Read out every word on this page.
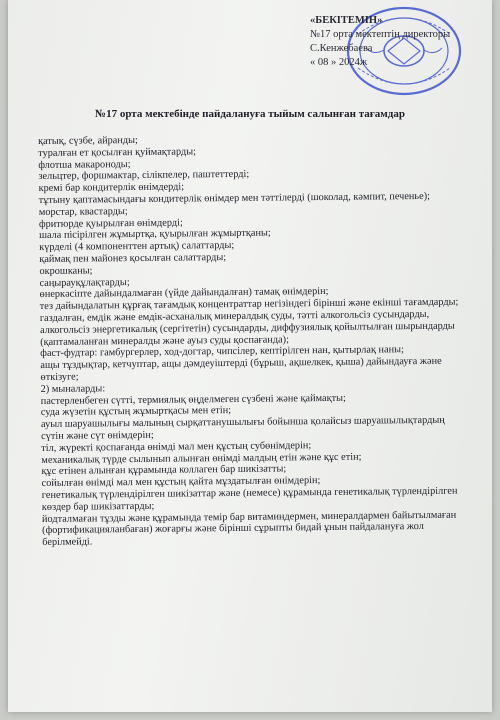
«БЕКІТЕМІН»
№17 орта мектептің директоры
С.Кенжебаева
« 08 » 2024ж
№17 орта мектебінде пайдалануға тыйым салынған тағамдар
қатық, сүзбе, айранды;
туралған ет қосылған қуймақтарды;
флотша макароноды;
зельцтер, форшмактар, сілікпелер, паштеттерді;
кремі бар кондитерлік өнімдерді;
тұтыну қаптамасындағы кондитерлік өнімдер мен тәттілерді (шоколад, кәмпит, печенье);
морстар, квастарды;
фритюрде қуырылған өнімдерді;
шала пісірілген жұмыртқа, қуырылған жұмыртқаны;
күрделі (4 компоненттен артық) салаттарды;
қаймақ пен майонез қосылған салаттарды;
окрошканы;
саңырауқұлақтарды;
өнеркәсіпте дайындалмаған (үйде дайындалған) тамақ өнімдерін;
тез дайындалатын құрғақ тағамдық концентраттар негізіндегі бірінші және екінші тағамдарды;
газдалған, емдік және емдік-асханалық минералдық суды, тәтті алкогольсіз сусындарды,
алкогольсіз энергетикалық (сергітетін) сусындарды, диффузиялық қойылтылған шырындарды
(қаптамаланған минералды және ауыз суды қоспағанда);
фаст-фудтар: гамбургерлер, ход-догтар, чипсілер, кептірілген нан, қытырлақ наны;
ащы тұздықтар, кетчуптар, ащы дәмдеуіштерді (бұрыш, ақшелкек, қыша) дайындауға және
өткізуге;
2) мыналарды:
пастерленбеген сүтті, термиялық өңделмеген сүзбені және қаймақты;
суда жүзетін құстың жұмыртқасы мен етін;
ауыл шаруашылығы малының сырқаттанушылығы бойынша қолайсыз шаруашылықтардың
сүтін және сүт өнімдерін;
тіл, жүректі қоспағанда өнімді мал мен құстың субөнімдерін;
механикалық түрде сылынып алынған өнімді малдың етін және құс етін;
құс етінен алынған құрамында коллаген бар шикізатты;
сойылған өнімді мал мен құстың қайта мұздатылған өнімдерін;
генетикалық түрлендірілген шикізаттар және (немесе) құрамында генетикалық түрлендірілген
көздер бар шикізаттарды;
йодталмаған тұзды және құрамында темір бар витаминдермен, минералдармен байытылмаған
(фортификацияланбаған) жоғарғы және бірінші сұрыпты бидай ұнын пайдалануға жол
берілмейді.
